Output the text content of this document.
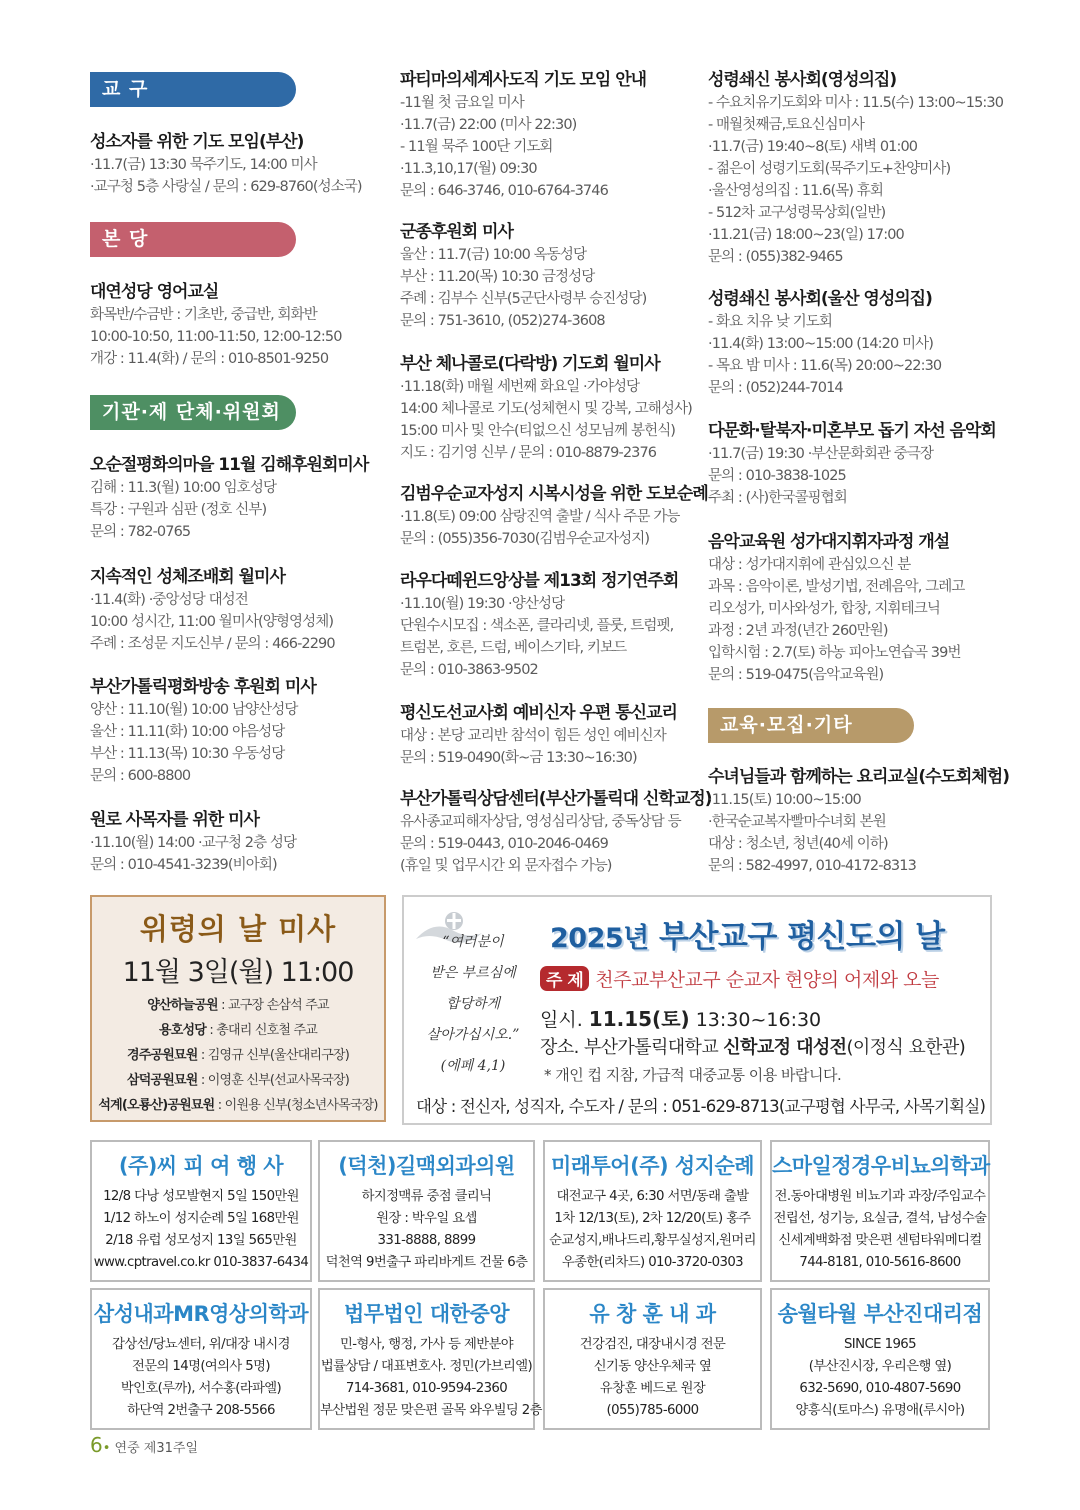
교 구
성소자를 위한 기도 모임(부산)
·11.7(금) 13:30 묵주기도, 14:00 미사
·교구청 5층 사랑실 / 문의 : 629-8760(성소국)
본 당
대연성당 영어교실
화목반/수금반 : 기초반, 중급반, 회화반
10:00-10:50, 11:00-11:50, 12:00-12:50
개강 : 11.4(화) / 문의 : 010-8501-9250
기관·제 단체·위원회
오순절평화의마을 11월 김해후원회미사
김해 : 11.3(월) 10:00 임호성당
특강 : 구원과 심판 (정호 신부)
문의 : 782-0765
지속적인 성체조배회 월미사
·11.4(화) ·중앙성당 대성전
10:00 성시간, 11:00 월미사(양형영성체)
주례 : 조성문 지도신부 / 문의 : 466-2290
부산가톨릭평화방송 후원회 미사
양산 : 11.10(월) 10:00 남양산성당
울산 : 11.11(화) 10:00 야음성당
부산 : 11.13(목) 10:30 우동성당
문의 : 600-8800
원로 사목자를 위한 미사
·11.10(월) 14:00 ·교구청 2층 성당
문의 : 010-4541-3239(비아회)
파티마의세계사도직 기도 모임 안내
-11월 첫 금요일 미사
·11.7(금) 22:00 (미사 22:30)
- 11월 묵주 100단 기도회
·11.3,10,17(월) 09:30
문의 : 646-3746, 010-6764-3746
군종후원회 미사
울산 : 11.7(금) 10:00 옥동성당
부산 : 11.20(목) 10:30 금정성당
주례 : 김부수 신부(5군단사령부 승진성당)
문의 : 751-3610, (052)274-3608
부산 체나콜로(다락방) 기도회 월미사
·11.18(화) 매월 세번째 화요일 ·가야성당
14:00 체나콜로 기도(성체현시 및 강복, 고해성사)
15:00 미사 및 안수(티없으신 성모님께 봉헌식)
지도 : 김기영 신부 / 문의 : 010-8879-2376
김범우순교자성지 시복시성을 위한 도보순례
·11.8(토) 09:00 삼랑진역 출발 / 식사 주문 가능
문의 : (055)356-7030(김범우순교자성지)
라우다떼윈드앙상블 제13회 정기연주회
·11.10(월) 19:30 ·양산성당
단원수시모집 : 색소폰, 클라리넷, 플룻, 트럼펫,
트럼본, 호른, 드럼, 베이스기타, 키보드
문의 : 010-3863-9502
평신도선교사회 예비신자 우편 통신교리
대상 : 본당 교리반 참석이 힘든 성인 예비신자
문의 : 519-0490(화~금 13:30~16:30)
부산가톨릭상담센터(부산가톨릭대 신학교정)
유사종교피해자상담, 영성심리상담, 중독상담 등
문의 : 519-0443, 010-2046-0469
(휴일 및 업무시간 외 문자접수 가능)
성령쇄신 봉사회(영성의집)
- 수요치유기도회와 미사 : 11.5(수) 13:00~15:30
- 매월첫째금,토요신심미사
·11.7(금) 19:40~8(토) 새벽 01:00
- 젊은이 성령기도회(묵주기도+찬양미사)
·울산영성의집 : 11.6(목) 휴회
- 512차 교구성령묵상회(일반)
·11.21(금) 18:00~23(일) 17:00
문의 : (055)382-9465
성령쇄신 봉사회(울산 영성의집)
- 화요 치유 낮 기도회
·11.4(화) 13:00~15:00 (14:20 미사)
- 목요 밤 미사 : 11.6(목) 20:00~22:30
문의 : (052)244-7014
다문화·탈북자·미혼부모 돕기 자선 음악회
·11.7(금) 19:30 ·부산문화회관 중극장
문의 : 010-3838-1025
주최 : (사)한국콜핑협회
음악교육원 성가대지휘자과정 개설
대상 : 성가대지휘에 관심있으신 분
과목 : 음악이론, 발성기법, 전례음악, 그레고
리오성가, 미사와성가, 합창, 지휘테크닉
과정 : 2년 과정(년간 260만원)
입학시험 : 2.7(토) 하농 피아노연습곡 39번
문의 : 519-0475(음악교육원)
교육·모집·기타
수녀님들과 함께하는 요리교실(수도회체험)
·11.15(토) 10:00~15:00
·한국순교복자빨마수녀회 본원
대상 : 청소년, 청년(40세 이하)
문의 : 582-4997, 010-4172-8313
위령의 날 미사
11월 3일(월) 11:00
양산하늘공원 : 교구장 손삼석 주교
용호성당 : 총대리 신호철 주교
경주공원묘원 : 김영규 신부(울산대리구장)
삼덕공원묘원 : 이영훈 신부(선교사목국장)
석계(오룡산)공원묘원 : 이원용 신부(청소년사목국장)
“여러분이
받은 부르심에
합당하게
살아가십시오.”
(에페 4,1)
2025년 부산교구 평신도의 날
주 제 천주교부산교구 순교자 현양의 어제와 오늘
일시. 11.15(토) 13:30~16:30
장소. 부산가톨릭대학교 신학교정 대성전(이정식 요한관)
* 개인 컵 지참, 가급적 대중교통 이용 바랍니다.
대상 : 전신자, 성직자, 수도자 / 문의 : 051-629-8713(교구평협 사무국, 사목기획실)
(주)씨 피 여 행 사
12/8 다낭 성모발현지 5일 150만원
1/12 하노이 성지순례 5일 168만원
2/18 유럽 성모성지 13일 565만원
www.cptravel.co.kr 010-3837-6434
(덕천)길맥외과의원
하지정맥류 중점 클리닉
원장 : 박우일 요셉
331-8888, 8899
덕천역 9번출구 파리바게트 건물 6층
미래투어(주) 성지순례
대전교구 4곳, 6:30 서면/동래 출발
1차 12/13(토), 2차 12/20(토) 홍주
순교성지,배나드리,황무실성지,원머리
우종한(리차드) 010-3720-0303
스마일정경우비뇨의학과
전.동아대병원 비뇨기과 과장/주임교수
전립선, 성기능, 요실금, 결석, 남성수술
신세계백화점 맞은편 센텀타워메디컬
744-8181, 010-5616-8600
삼성내과MR영상의학과
갑상선/당뇨센터, 위/대장 내시경
전문의 14명(여의사 5명)
박인호(루까), 서수홍(라파엘)
하단역 2번출구 208-5566
법무법인 대한중앙
민-형사, 행정, 가사 등 제반분야
법률상담 / 대표변호사. 정민(가브리엘)
714-3681, 010-9594-2360
부산법원 정문 맞은편 골목 와우빌딩 2층
유 창 훈 내 과
건강검진, 대장내시경 전문
신기동 양산우체국 옆
유창훈 베드로 원장
(055)785-6000
송월타월 부산진대리점
SINCE 1965
(부산진시장, 우리은행 옆)
632-5690, 010-4807-5690
양흥식(토마스) 유명애(루시아)
6• 연중 제31주일
